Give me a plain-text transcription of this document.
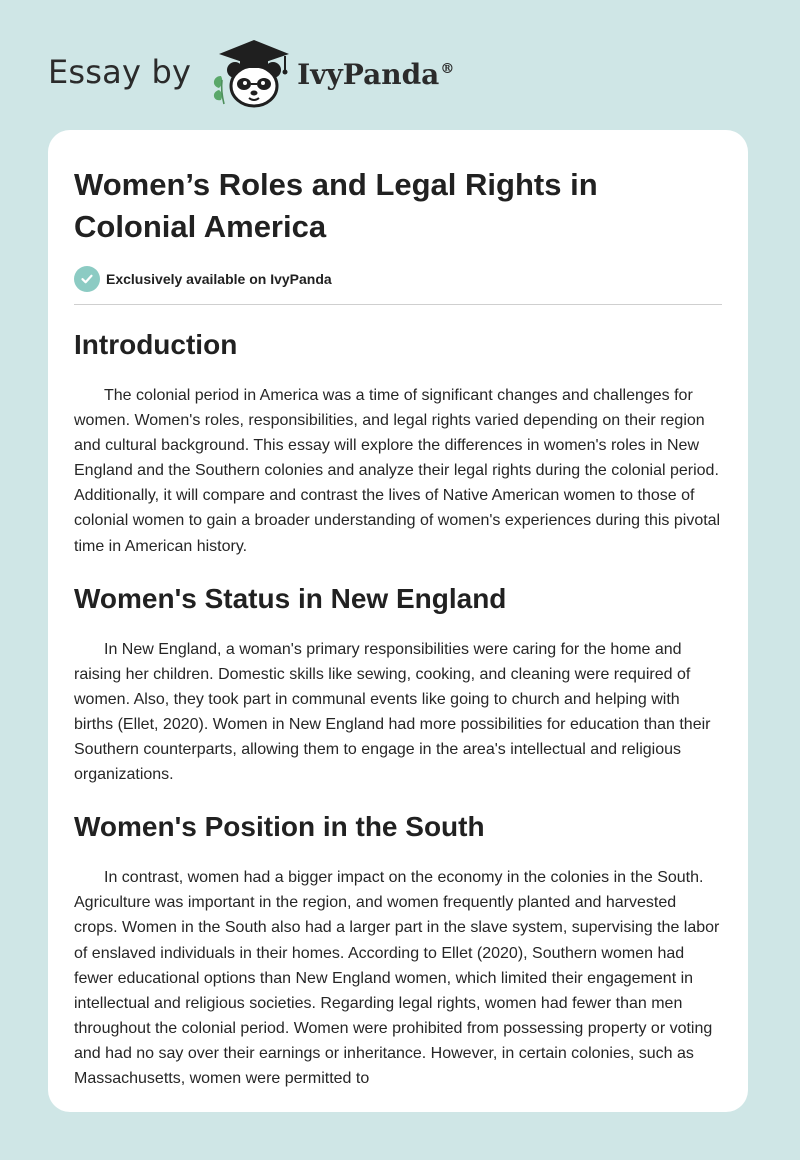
Essay by	IvyPanda®
Women’s Roles and Legal Rights in Colonial America
Exclusively available on IvyPanda
Introduction

The colonial period in America was a time of significant changes and challenges for women. Women's roles, responsibilities, and legal rights varied depending on their region and cultural background. This essay will explore the differences in women's roles in New England and the Southern colonies and analyze their legal rights during the colonial period. Additionally, it will compare and contrast the lives of Native American women to those of colonial women to gain a broader understanding of women's experiences during this pivotal time in American history.

Women's Status in New England

In New England, a woman's primary responsibilities were caring for the home and raising her children. Domestic skills like sewing, cooking, and cleaning were required of women. Also, they took part in communal events like going to church and helping with births (Ellet, 2020). Women in New England had more possibilities for education than their Southern counterparts, allowing them to engage in the area's intellectual and religious organizations.

Women's Position in the South

In contrast, women had a bigger impact on the economy in the colonies in the South. Agriculture was important in the region, and women frequently planted and harvested crops. Women in the South also had a larger part in the slave system, supervising the labor of enslaved individuals in their homes. According to Ellet (2020), Southern women had fewer educational options than New England women, which limited their engagement in intellectual and religious societies. Regarding legal rights, women had fewer than men throughout the colonial period. Women were prohibited from possessing property or voting and had no say over their earnings or inheritance. However, in certain colonies, such as Massachusetts, women were permitted to
